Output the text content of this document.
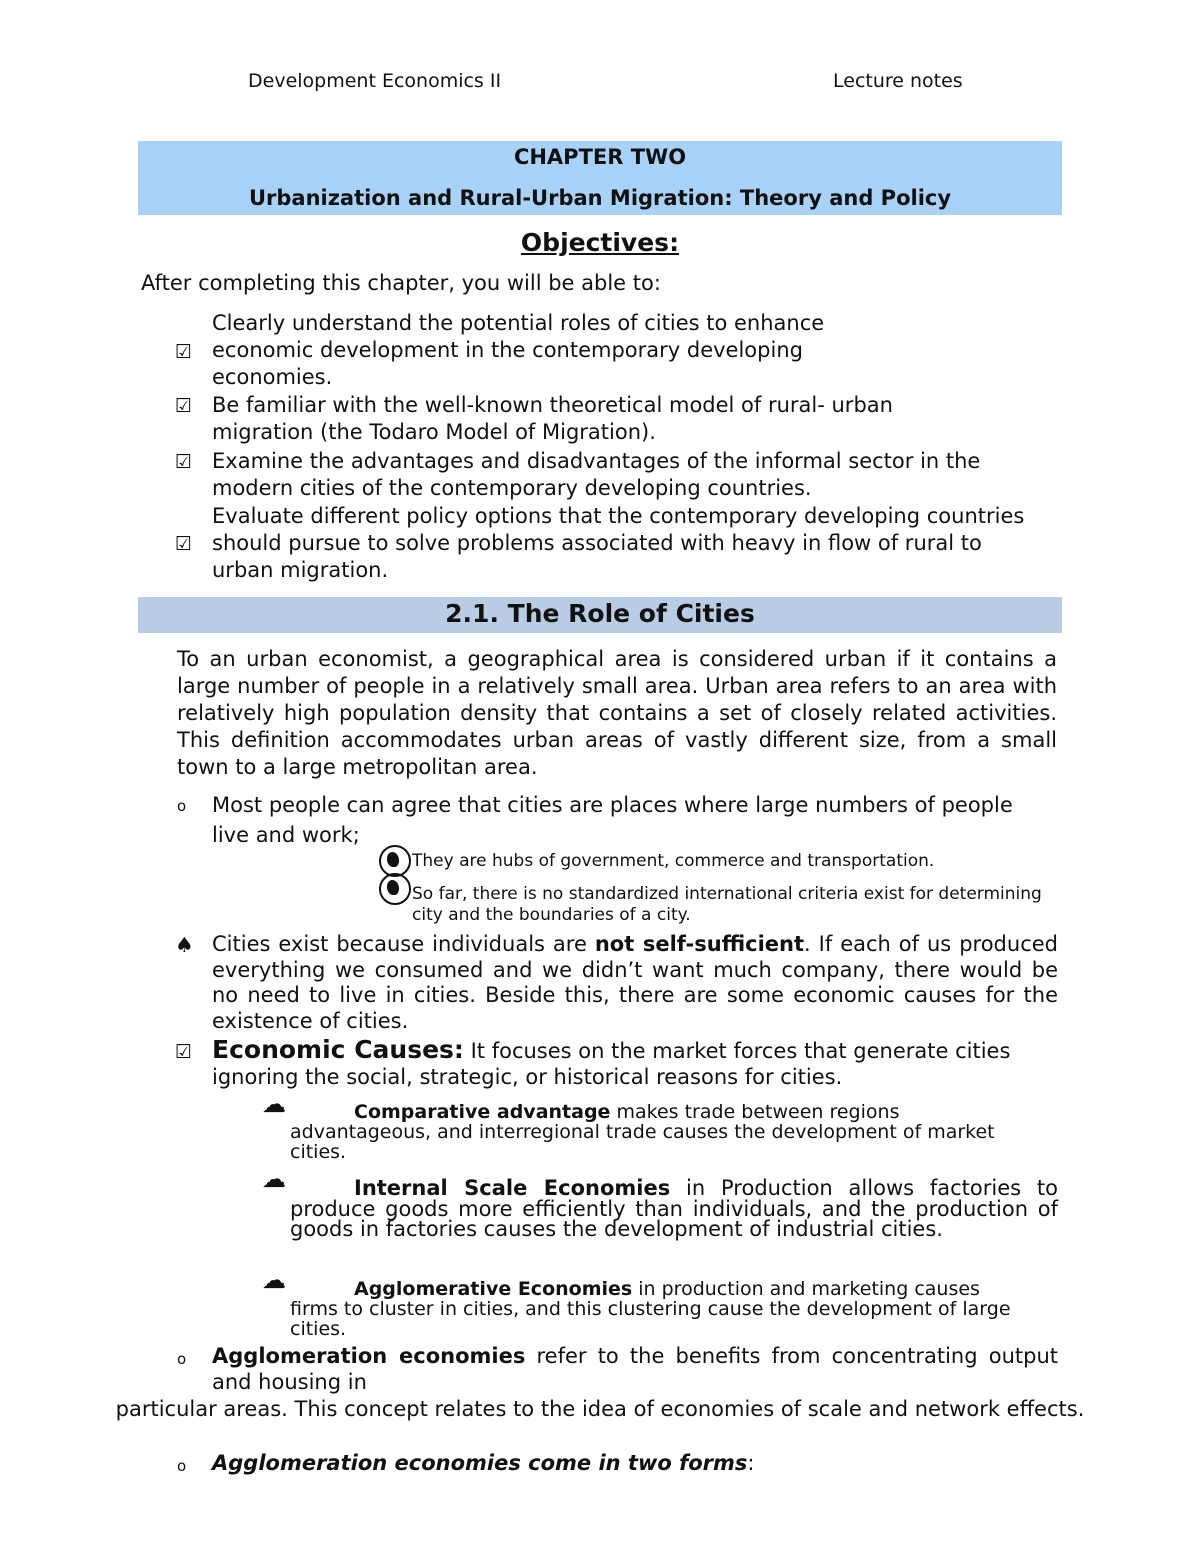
Development Economics II	Lecture notes
CHAPTER TWO
Urbanization and Rural-Urban Migration: Theory and Policy
Objectives:
After completing this chapter, you will be able to:
☑
Clearly understand the potential roles of cities to enhance economic development in the contemporary developing economies.
☑ Be familiar with the well-known theoretical model of rural- urban migration (the Todaro Model of Migration).
☑ Examine the advantages and disadvantages of the informal sector in the modern cities of the contemporary developing countries.
☑
Evaluate different policy options that the contemporary developing countries should pursue to solve problems associated with heavy in flow of rural to urban migration.
2.1. The Role of Cities
To an urban economist, a geographical area is considered urban if it contains a large number of people in a relatively small area. Urban area refers to an area with relatively high population density that contains a set of closely related activities. This definition accommodates urban areas of vastly different size, from a small town to a large metropolitan area.
o Most people can agree that cities are places where large numbers of people live and work;
They are hubs of government, commerce and transportation.
So far, there is no standardized international criteria exist for determining city and the boundaries of a city.
♠ Cities exist because individuals are not self-sufficient. If each of us produced everything we consumed and we didn’t want much company, there would be no need to live in cities. Beside this, there are some economic causes for the existence of cities.
☑ Economic Causes: It focuses on the market forces that generate cities ignoring the social, strategic, or historical reasons for cities.
☁	Comparative advantage makes trade between regions advantageous, and interregional trade causes the development of market cities.
☁	Internal Scale Economies in Production allows factories to produce goods more efficiently than individuals, and the production of goods in factories causes the development of industrial cities.
☁	Agglomerative Economies in production and marketing causes firms to cluster in cities, and this clustering cause the development of large cities.
o Agglomeration economies refer to the benefits from concentrating output and housing in
particular areas. This concept relates to the idea of economies of scale and network effects.
o Agglomeration economies come in two forms:
